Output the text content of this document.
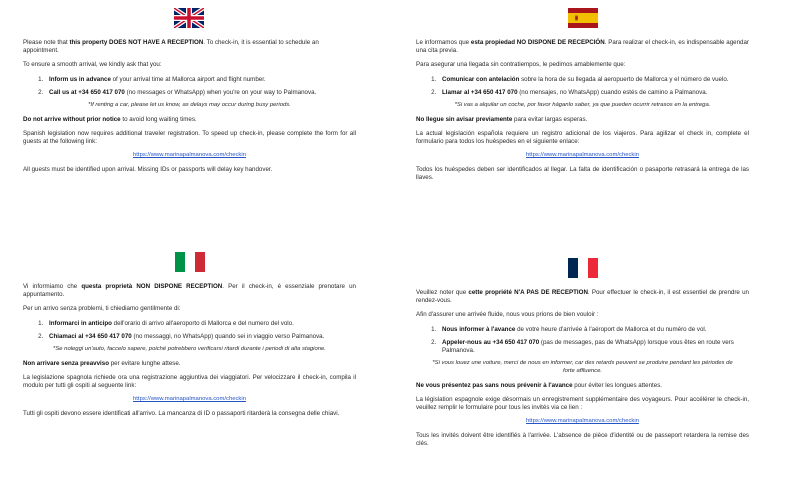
Please note that this property DOES NOT HAVE A RECEPTION. To check-in, it is essential to schedule an appointment.

To ensure a smooth arrival, we kindly ask that you:

1. Inform us in advance of your arrival time at Mallorca airport and flight number.
2. Call us at +34 650 417 070 (no messages or WhatsApp) when you're on your way to Palmanova.

*If renting a car, please let us know, as delays may occur during busy periods.

Do not arrive without prior notice to avoid long waiting times.

Spanish legislation now requires additional traveler registration. To speed up check-in, please complete the form for all guests at the following link:

https://www.marinapalmanova.com/checkin

All guests must be identified upon arrival. Missing IDs or passports will delay key handover.

Le informamos que esta propiedad NO DISPONE DE RECEPCIÓN. Para realizar el check-in, es indispensable agendar una cita previa.

Para asegurar una llegada sin contratiempos, le pedimos amablemente que:

1. Comunicar con antelación sobre la hora de su llegada al aeropuerto de Mallorca y el número de vuelo.
2. Llamar al +34 650 417 070 (no mensajes, no WhatsApp) cuando estés de camino a Palmanova.

*Si vas a alquilar un coche, por favor háganlo saber, ya que pueden ocurrir retrasos en la entrega.

No llegue sin avisar previamente para evitar largas esperas.

La actual legislación española requiere un registro adicional de los viajeros. Para agilizar el check in, complete el formulario para todos los huéspedes en el siguiente enlace:

https://www.marinapalmanova.com/checkin

Todos los huéspedes deben ser identificados al llegar. La falta de identificación o pasaporte retrasará la entrega de las llaves.

Vi informiamo che questa proprietà NON DISPONE RECEPTION. Per il check-in, è essenziale prenotare un appuntamento.

Per un arrivo senza problemi, ti chiediamo gentilmente di:

1. Informarci in anticipo dell'orario di arrivo all'aeroporto di Mallorca e del numero del volo.
2. Chiamaci al +34 650 417 070 (no messaggi, no WhatsApp) quando sei in viaggio verso Palmanova.

*Se noleggi un'auto, faccelo sapere, poiché potrebbero verificarsi ritardi durante i periodi di alta stagione.

Non arrivare senza preavviso per evitare lunghe attese.

La legislazione spagnola richiede ora una registrazione aggiuntiva dei viaggiatori. Per velocizzare il check-in, compila il modulo per tutti gli ospiti al seguente link:

https://www.marinapalmanova.com/checkin

Tutti gli ospiti devono essere identificati all'arrivo. La mancanza di ID o passaporti ritarderà la consegna delle chiavi.

Veuillez noter que cette propriété N'A PAS DE RECEPTION. Pour effectuer le check-in, il est essentiel de prendre un rendez-vous.

Afin d'assurer une arrivée fluide, nous vous prions de bien vouloir :

1. Nous informer à l'avance de votre heure d'arrivée à l'aéroport de Mallorca et du numéro de vol.
2. Appeler-nous au +34 650 417 070 (pas de messages, pas de WhatsApp) lorsque vous êtes en route vers Palmanova.

*Si vous louez une voiture, merci de nous en informer, car des retards peuvent se produire pendant les périodes de forte affluence.

Ne vous présentez pas sans nous prévenir à l'avance pour éviter les longues attentes.

La législation espagnole exige désormais un enregistrement supplémentaire des voyageurs. Pour accélérer le check-in, veuillez remplir le formulaire pour tous les invités via ce lien :

https://www.marinapalmanova.com/checkin

Tous les invités doivent être identifiés à l'arrivée. L'absence de pièce d'identité ou de passeport retardera la remise des clés.
